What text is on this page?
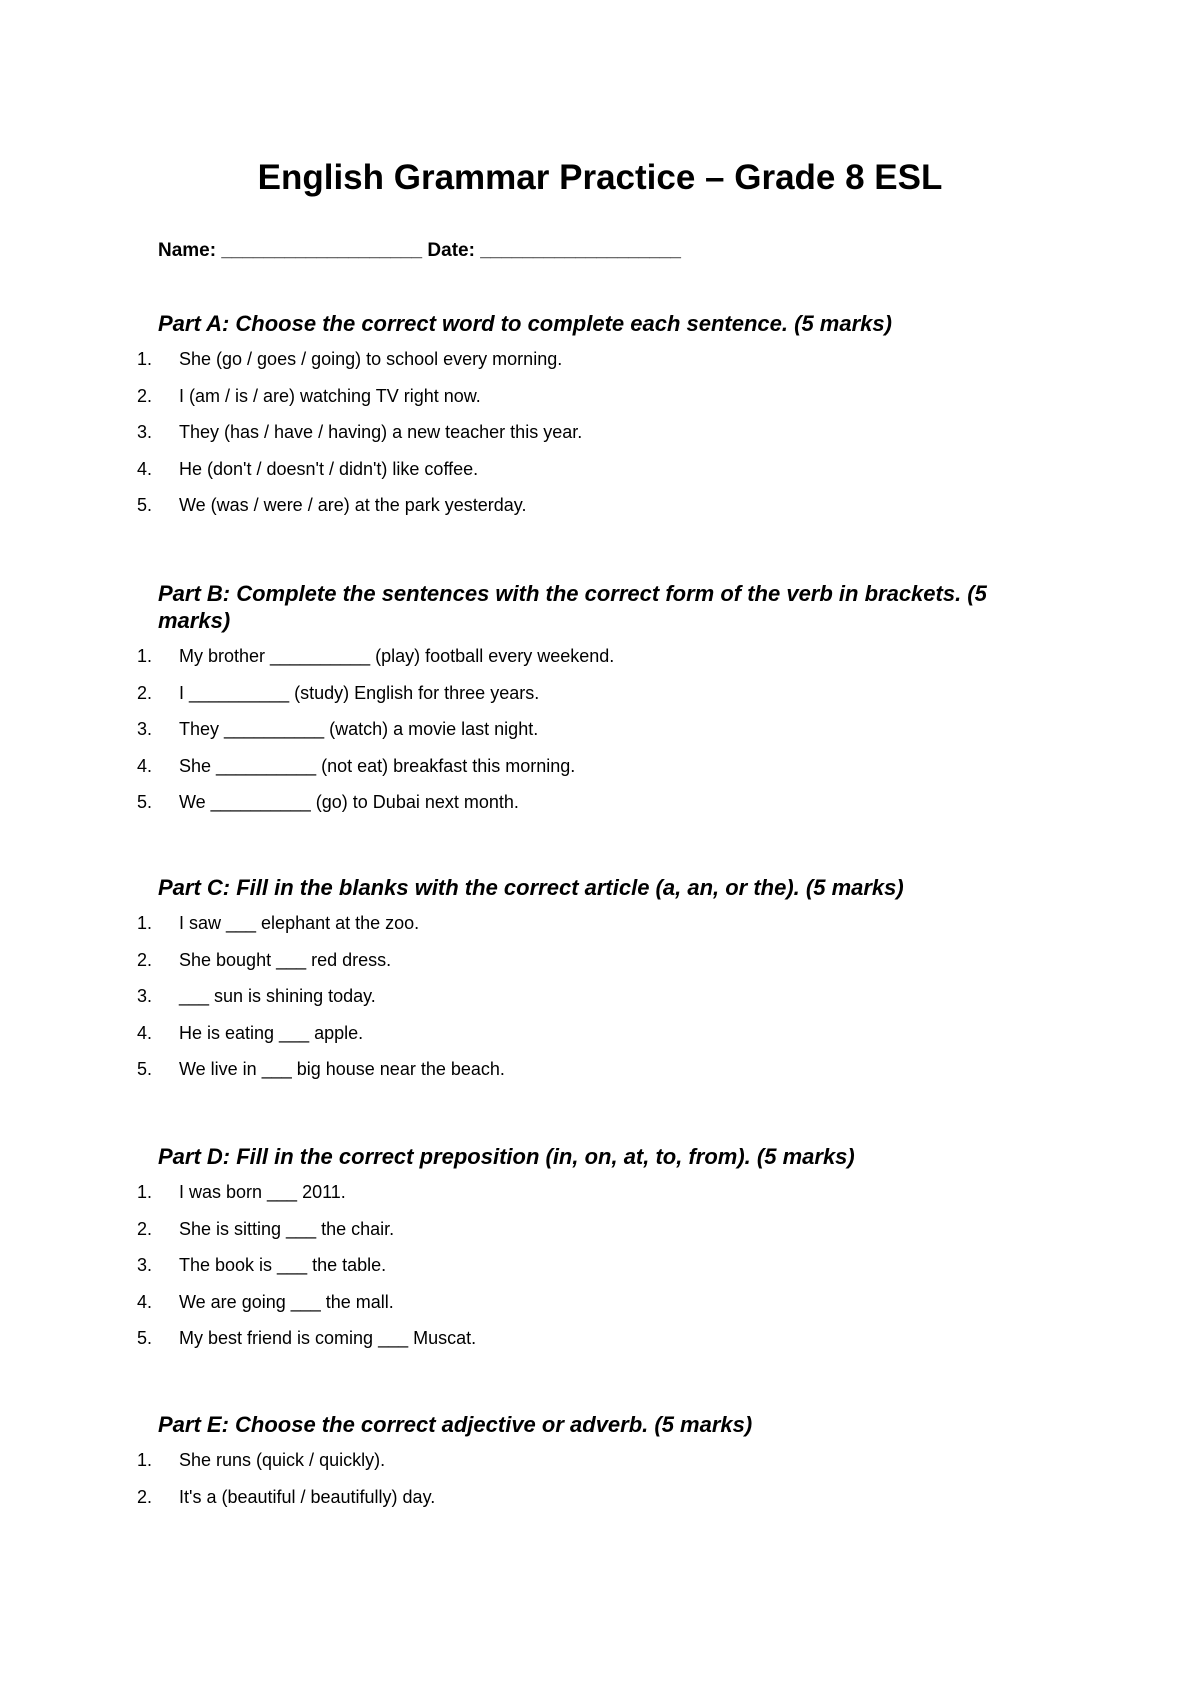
English Grammar Practice – Grade 8 ESL
Name: ___________________ Date: ___________________
Part A: Choose the correct word to complete each sentence. (5 marks)
1.	She (go / goes / going) to school every morning.
2.	I (am / is / are) watching TV right now.
3.	They (has / have / having) a new teacher this year.
4.	He (don't / doesn't / didn't) like coffee.
5.	We (was / were / are) at the park yesterday.
Part B: Complete the sentences with the correct form of the verb in brackets. (5 marks)
1.	My brother __________ (play) football every weekend.
2.	I __________ (study) English for three years.
3.	They __________ (watch) a movie last night.
4.	She __________ (not eat) breakfast this morning.
5.	We __________ (go) to Dubai next month.
Part C: Fill in the blanks with the correct article (a, an, or the). (5 marks)
1.	I saw ___ elephant at the zoo.
2.	She bought ___ red dress.
3.	___ sun is shining today.
4.	He is eating ___ apple.
5.	We live in ___ big house near the beach.
Part D: Fill in the correct preposition (in, on, at, to, from). (5 marks)
1.	I was born ___ 2011.
2.	She is sitting ___ the chair.
3.	The book is ___ the table.
4.	We are going ___ the mall.
5.	My best friend is coming ___ Muscat.
Part E: Choose the correct adjective or adverb. (5 marks)
1.	She runs (quick / quickly).
2.	It's a (beautiful / beautifully) day.
